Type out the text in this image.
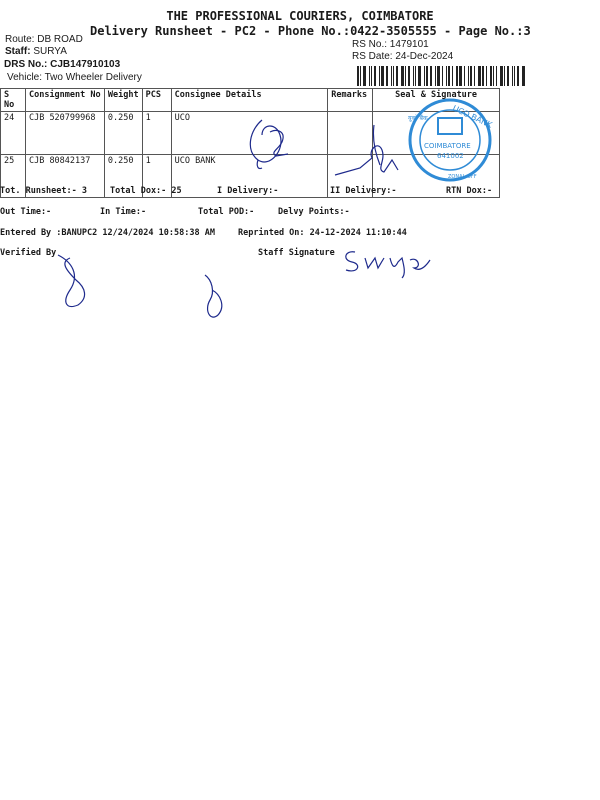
THE PROFESSIONAL COURIERS, COIMBATORE
Delivery Runsheet - PC2 - Phone No.:0422-3505555 - Page No.:3
Route: DB ROAD
Staff: SURYA
DRS No.: CJB147910103
Vehicle: Two Wheeler Delivery
RS No.: 1479101
RS Date: 24-Dec-2024
S No	Consignment No	Weight	PCS	Consignee Details	Remarks	Seal & Signature
24	CJB 520799968	0.250	1	UCO		
25	CJB 80842137	0.250	1	UCO BANK		
UCO BANK
COIMBATORE
641002
ZONAL OFF
यूको बैंक
Tot. Runsheet:- 3	Total Dox:- 25	I Delivery:-	II Delivery:-	RTN Dox:-
Out Time:-	In Time:-	Total POD:-	Delvy Points:-
Entered By :BANUPC2 12/24/2024 10:58:38 AM	Reprinted On: 24-12-2024 11:10:44
Verified By	Staff Signature
